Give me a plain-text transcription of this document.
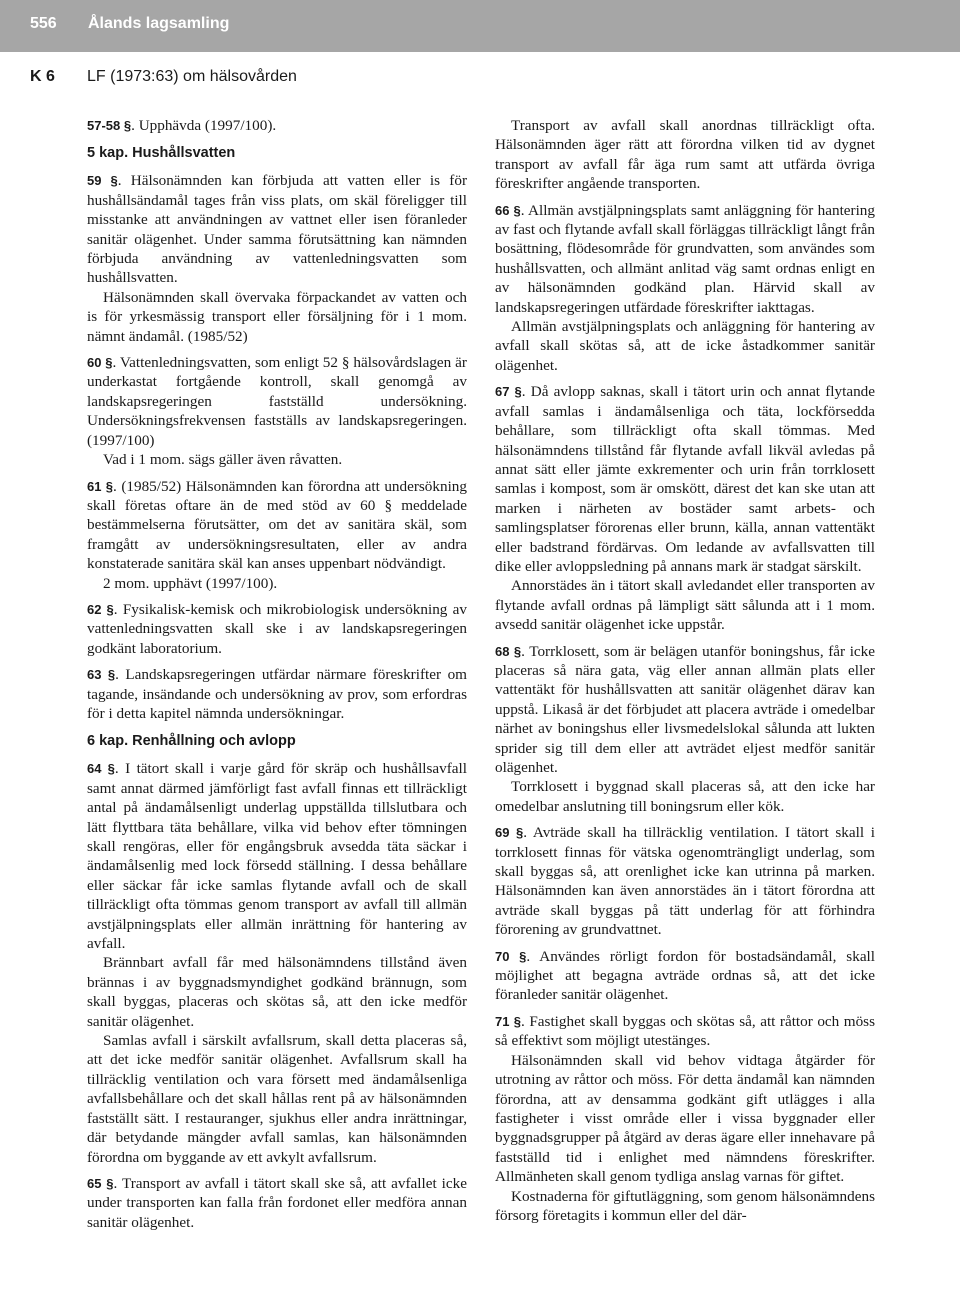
556 Ålands lagsamling
K 6 LF (1973:63) om hälsovården

57-58 §. Upphävda (1997/100).

5 kap. Hushållsvatten

59 §. Hälsonämnden kan förbjuda att vatten eller is för hushållsändamål tages från viss plats, om skäl föreligger till misstanke att användningen av vattnet eller isen föranleder sanitär olägenhet. Under samma förutsättning kan nämnden förbjuda användning av vattenledningsvatten som hushållsvatten.

Hälsonämnden skall övervaka förpackandet av vatten och is för yrkesmässig transport eller försäljning för i 1 mom. nämnt ändamål. (1985/52)

60 §. Vattenledningsvatten, som enligt 52 § hälsovårdslagen är underkastat fortgående kontroll, skall genomgå av landskapsregeringen fastställd undersökning. Undersökningsfrekvensen fastställs av landskapsregeringen. (1997/100)

Vad i 1 mom. sägs gäller även råvatten.

61 §. (1985/52) Hälsonämnden kan förordna att undersökning skall företas oftare än de med stöd av 60 § meddelade bestämmelserna förutsätter, om det av sanitära skäl, som framgått av undersökningsresultaten, eller av andra konstaterade sanitära skäl kan anses uppenbart nödvändigt.

2 mom. upphävt (1997/100).

62 §. Fysikalisk-kemisk och mikrobiologisk undersökning av vattenledningsvatten skall ske i av landskapsregeringen godkänt laboratorium.

63 §. Landskapsregeringen utfärdar närmare föreskrifter om tagande, insändande och undersökning av prov, som erfordras för i detta kapitel nämnda undersökningar.

6 kap. Renhållning och avlopp

64 §. I tätort skall i varje gård för skräp och hushållsavfall samt annat därmed jämförligt fast avfall finnas ett tillräckligt antal på ändamålsenligt underlag uppställda tillslutbara och lätt flyttbara täta behållare, vilka vid behov efter tömningen skall rengöras, eller för engångsbruk avsedda täta säckar i ändamålsenlig med lock försedd ställning. I dessa behållare eller säckar får icke samlas flytande avfall och de skall tillräckligt ofta tömmas genom transport av avfall till allmän avstjälpningsplats eller allmän inrättning för hantering av avfall.

Brännbart avfall får med hälsonämndens tillstånd även brännas i av byggnadsmyndighet godkänd brännugn, som skall byggas, placeras och skötas så, att den icke medför sanitär olägenhet.

Samlas avfall i särskilt avfallsrum, skall detta placeras så, att det icke medför sanitär olägenhet. Avfallsrum skall ha tillräcklig ventilation och vara försett med ändamålsenliga avfallsbehållare och det skall hållas rent på av hälsonämnden fastställt sätt. I restauranger, sjukhus eller andra inrättningar, där betydande mängder avfall samlas, kan hälsonämnden förordna om byggande av ett avkylt avfallsrum.

65 §. Transport av avfall i tätort skall ske så, att avfallet icke under transporten kan falla från fordonet eller medföra annan sanitär olägenhet.

Transport av avfall skall anordnas tillräckligt ofta. Hälsonämnden äger rätt att förordna vilken tid av dygnet transport av avfall får äga rum samt att utfärda övriga föreskrifter angående transporten.

66 §. Allmän avstjälpningsplats samt anläggning för hantering av fast och flytande avfall skall förläggas tillräckligt långt från bosättning, flödesområde för grundvatten, som användes som hushållsvatten, och allmänt anlitad väg samt ordnas enligt en av hälsonämnden godkänd plan. Härvid skall av landskapsregeringen utfärdade föreskrifter iakttagas.

Allmän avstjälpningsplats och anläggning för hantering av avfall skall skötas så, att de icke åstadkommer sanitär olägenhet.

67 §. Då avlopp saknas, skall i tätort urin och annat flytande avfall samlas i ändamålsenliga och täta, lockförsedda behållare, som tillräckligt ofta skall tömmas. Med hälsonämndens tillstånd får flytande avfall likväl avledas på annat sätt eller jämte exkrementer och urin från torrklosett samlas i kompost, som är omskött, därest det kan ske utan att marken i närheten av bostäder samt arbets- och samlingsplatser förorenas eller brunn, källa, annan vattentäkt eller badstrand fördärvas. Om ledande av avfallsvatten till dike eller avloppsledning på annans mark är stadgat särskilt.

Annorstädes än i tätort skall avledandet eller transporten av flytande avfall ordnas på lämpligt sätt sålunda att i 1 mom. avsedd sanitär olägenhet icke uppstår.

68 §. Torrklosett, som är belägen utanför boningshus, får icke placeras så nära gata, väg eller annan allmän plats eller vattentäkt för hushållsvatten att sanitär olägenhet därav kan uppstå. Likaså är det förbjudet att placera avträde i omedelbar närhet av boningshus eller livsmedelslokal sålunda att lukten sprider sig till dem eller att avträdet eljest medför sanitär olägenhet.

Torrklosett i byggnad skall placeras så, att den icke har omedelbar anslutning till boningsrum eller kök.

69 §. Avträde skall ha tillräcklig ventilation. I tätort skall i torrklosett finnas för vätska ogenomträngligt underlag, som skall byggas så, att orenlighet icke kan utrinna på marken. Hälsonämnden kan även annorstädes än i tätort förordna att avträde skall byggas på tätt underlag för att förhindra förorening av grundvattnet.

70 §. Användes rörligt fordon för bostadsändamål, skall möjlighet att begagna avträde ordnas så, att det icke föranleder sanitär olägenhet.

71 §. Fastighet skall byggas och skötas så, att råttor och möss så effektivt som möjligt utestänges.

Hälsonämnden skall vid behov vidtaga åtgärder för utrotning av råttor och möss. För detta ändamål kan nämnden förordna, att av densamma godkänt gift utlägges i alla fastigheter i visst område eller i vissa byggnader eller byggnadsgrupper på åtgärd av deras ägare eller innehavare på fastställd tid i enlighet med nämndens föreskrifter. Allmänheten skall genom tydliga anslag varnas för giftet.

Kostnaderna för giftutläggning, som genom hälsonämndens försorg företagits i kommun eller del där-
